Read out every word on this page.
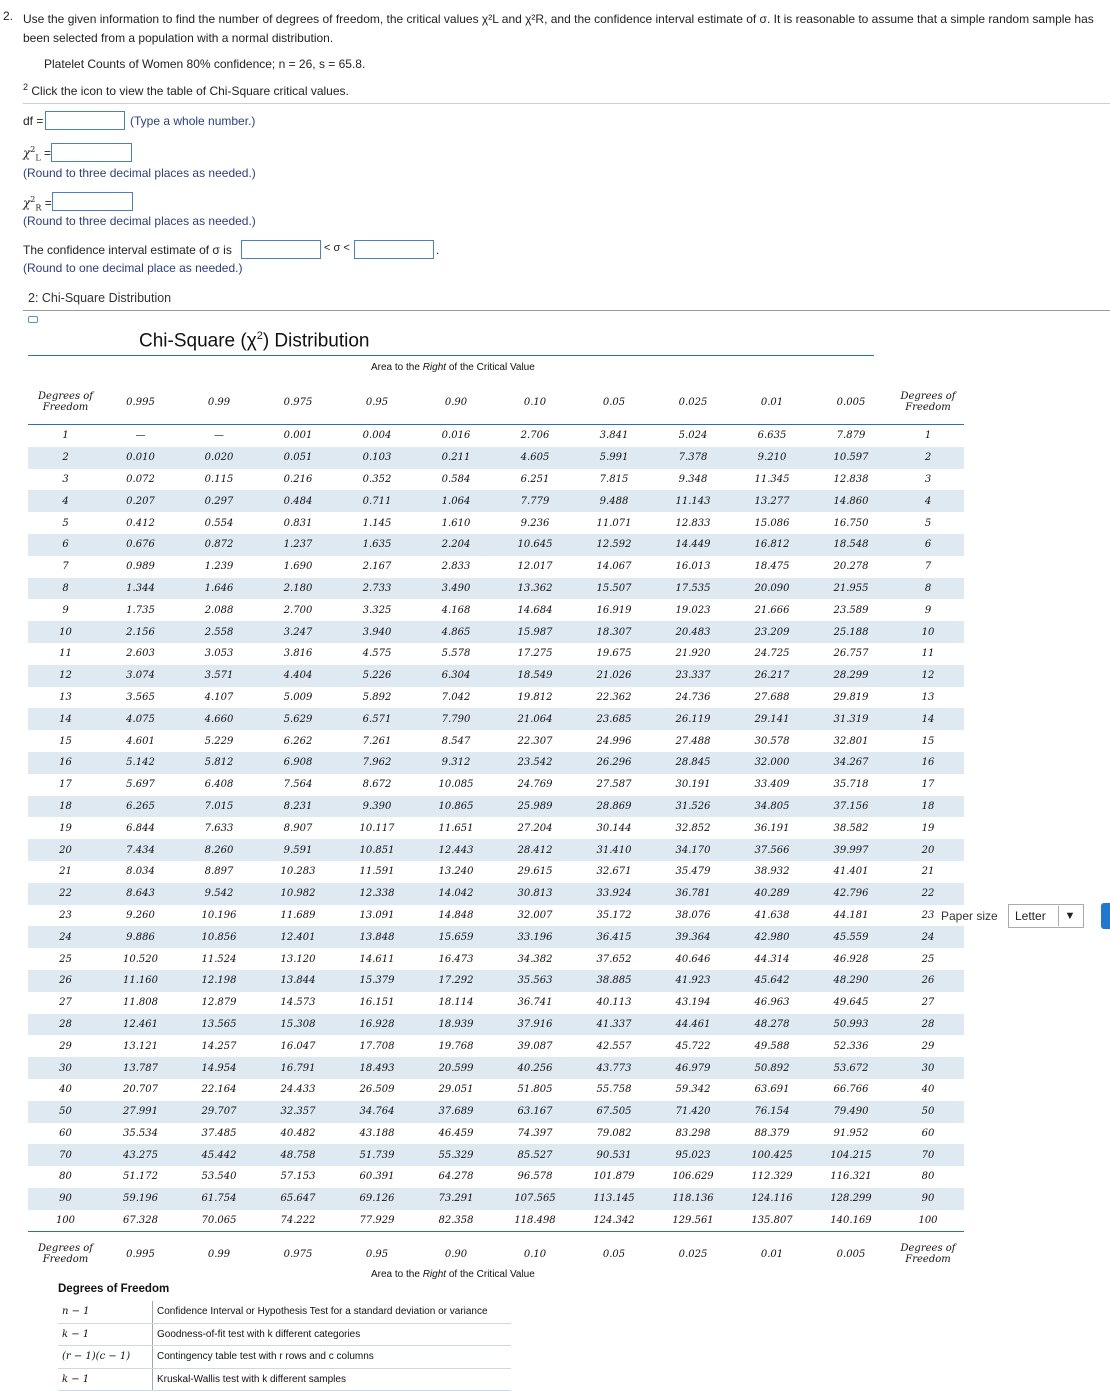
2. Use the given information to find the number of degrees of freedom, the critical values χ²L and χ²R, and the confidence interval estimate of σ. It is reasonable to assume that a simple random sample has
been selected from a population with a normal distribution.
Platelet Counts of Women 80% confidence; n = 26, s = 65.8.
$^2$ Click the icon to view the table of Chi-Square critical values.
df =	(Type a whole number.)
$\chi^2_L$ =
(Round to three decimal places as needed.)
$\chi^2_R$ =
(Round to three decimal places as needed.)
The confidence interval estimate of σ is	< σ <	.
(Round to one decimal place as needed.)
2: Chi-Square Distribution
Chi-Square $(\chi^2)$ Distribution
Area to the Right of the Critical Value
Degrees of
Freedom	0.995	0.99	0.975	0.95	0.90	0.10	0.05	0.025	0.01	0.005	Degrees of
Freedom
1	—	—	0.001	0.004	0.016	2.706	3.841	5.024	6.635	7.879	1
2	0.010	0.020	0.051	0.103	0.211	4.605	5.991	7.378	9.210	10.597	2
3	0.072	0.115	0.216	0.352	0.584	6.251	7.815	9.348	11.345	12.838	3
4	0.207	0.297	0.484	0.711	1.064	7.779	9.488	11.143	13.277	14.860	4
5	0.412	0.554	0.831	1.145	1.610	9.236	11.071	12.833	15.086	16.750	5
6	0.676	0.872	1.237	1.635	2.204	10.645	12.592	14.449	16.812	18.548	6
7	0.989	1.239	1.690	2.167	2.833	12.017	14.067	16.013	18.475	20.278	7
8	1.344	1.646	2.180	2.733	3.490	13.362	15.507	17.535	20.090	21.955	8
9	1.735	2.088	2.700	3.325	4.168	14.684	16.919	19.023	21.666	23.589	9
10	2.156	2.558	3.247	3.940	4.865	15.987	18.307	20.483	23.209	25.188	10
11	2.603	3.053	3.816	4.575	5.578	17.275	19.675	21.920	24.725	26.757	11
12	3.074	3.571	4.404	5.226	6.304	18.549	21.026	23.337	26.217	28.299	12
13	3.565	4.107	5.009	5.892	7.042	19.812	22.362	24.736	27.688	29.819	13
14	4.075	4.660	5.629	6.571	7.790	21.064	23.685	26.119	29.141	31.319	14
15	4.601	5.229	6.262	7.261	8.547	22.307	24.996	27.488	30.578	32.801	15
16	5.142	5.812	6.908	7.962	9.312	23.542	26.296	28.845	32.000	34.267	16
17	5.697	6.408	7.564	8.672	10.085	24.769	27.587	30.191	33.409	35.718	17
18	6.265	7.015	8.231	9.390	10.865	25.989	28.869	31.526	34.805	37.156	18
19	6.844	7.633	8.907	10.117	11.651	27.204	30.144	32.852	36.191	38.582	19
20	7.434	8.260	9.591	10.851	12.443	28.412	31.410	34.170	37.566	39.997	20
21	8.034	8.897	10.283	11.591	13.240	29.615	32.671	35.479	38.932	41.401	21
22	8.643	9.542	10.982	12.338	14.042	30.813	33.924	36.781	40.289	42.796	22
23	9.260	10.196	11.689	13.091	14.848	32.007	35.172	38.076	41.638	44.181	23
24	9.886	10.856	12.401	13.848	15.659	33.196	36.415	39.364	42.980	45.559	24
25	10.520	11.524	13.120	14.611	16.473	34.382	37.652	40.646	44.314	46.928	25
26	11.160	12.198	13.844	15.379	17.292	35.563	38.885	41.923	45.642	48.290	26
27	11.808	12.879	14.573	16.151	18.114	36.741	40.113	43.194	46.963	49.645	27
28	12.461	13.565	15.308	16.928	18.939	37.916	41.337	44.461	48.278	50.993	28
29	13.121	14.257	16.047	17.708	19.768	39.087	42.557	45.722	49.588	52.336	29
30	13.787	14.954	16.791	18.493	20.599	40.256	43.773	46.979	50.892	53.672	30
40	20.707	22.164	24.433	26.509	29.051	51.805	55.758	59.342	63.691	66.766	40
50	27.991	29.707	32.357	34.764	37.689	63.167	67.505	71.420	76.154	79.490	50
60	35.534	37.485	40.482	43.188	46.459	74.397	79.082	83.298	88.379	91.952	60
70	43.275	45.442	48.758	51.739	55.329	85.527	90.531	95.023	100.425	104.215	70
80	51.172	53.540	57.153	60.391	64.278	96.578	101.879	106.629	112.329	116.321	80
90	59.196	61.754	65.647	69.126	73.291	107.565	113.145	118.136	124.116	128.299	90
100	67.328	70.065	74.222	77.929	82.358	118.498	124.342	129.561	135.807	140.169	100
Degrees of
Freedom	0.995	0.99	0.975	0.95	0.90	0.10	0.05	0.025	0.01	0.005	Degrees of
Freedom
Area to the Right of the Critical Value
Degrees of Freedom
n − 1	Confidence Interval or Hypothesis Test for a standard deviation or variance
k − 1	Goodness-of-fit test with k different categories
(r − 1)(c − 1)	Contingency table test with r rows and c columns
k − 1	Kruskal-Wallis test with k different samples
Paper size Letter	▼
